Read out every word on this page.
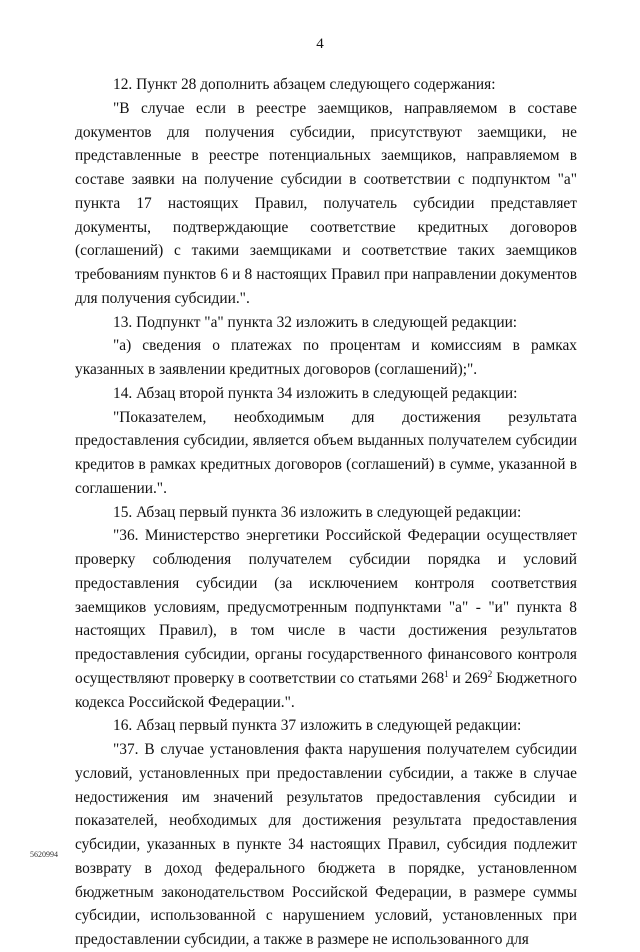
4

12. Пункт 28 дополнить абзацем следующего содержания:

"В случае если в реестре заемщиков, направляемом в составе документов для получения субсидии, присутствуют заемщики, не представленные в реестре потенциальных заемщиков, направляемом в составе заявки на получение субсидии в соответствии с подпунктом "а" пункта 17 настоящих Правил, получатель субсидии представляет документы, подтверждающие соответствие кредитных договоров (соглашений) с такими заемщиками и соответствие таких заемщиков требованиям пунктов 6 и 8 настоящих Правил при направлении документов для получения субсидии.".

13. Подпункт "а" пункта 32 изложить в следующей редакции:

"а) сведения о платежах по процентам и комиссиям в рамках указанных в заявлении кредитных договоров (соглашений);".

14. Абзац второй пункта 34 изложить в следующей редакции:

"Показателем, необходимым для достижения результата предоставления субсидии, является объем выданных получателем субсидии кредитов в рамках кредитных договоров (соглашений) в сумме, указанной в соглашении.".

15. Абзац первый пункта 36 изложить в следующей редакции:

"36. Министерство энергетики Российской Федерации осуществляет проверку соблюдения получателем субсидии порядка и условий предоставления субсидии (за исключением контроля соответствия заемщиков условиям, предусмотренным подпунктами "а" - "и" пункта 8 настоящих Правил), в том числе в части достижения результатов предоставления субсидии, органы государственного финансового контроля осуществляют проверку в соответствии со статьями $268^1$ и $269^2$ Бюджетного кодекса Российской Федерации.".

16. Абзац первый пункта 37 изложить в следующей редакции:

"37. В случае установления факта нарушения получателем субсидии условий, установленных при предоставлении субсидии, а также в случае недостижения им значений результатов предоставления субсидии и показателей, необходимых для достижения результата предоставления субсидии, указанных в пункте 34 настоящих Правил, субсидия подлежит возврату в доход федерального бюджета в порядке, установленном бюджетным законодательством Российской Федерации, в размере суммы субсидии, использованной с нарушением условий, установленных при предоставлении субсидии, а также в размере не использованного для

5620994
